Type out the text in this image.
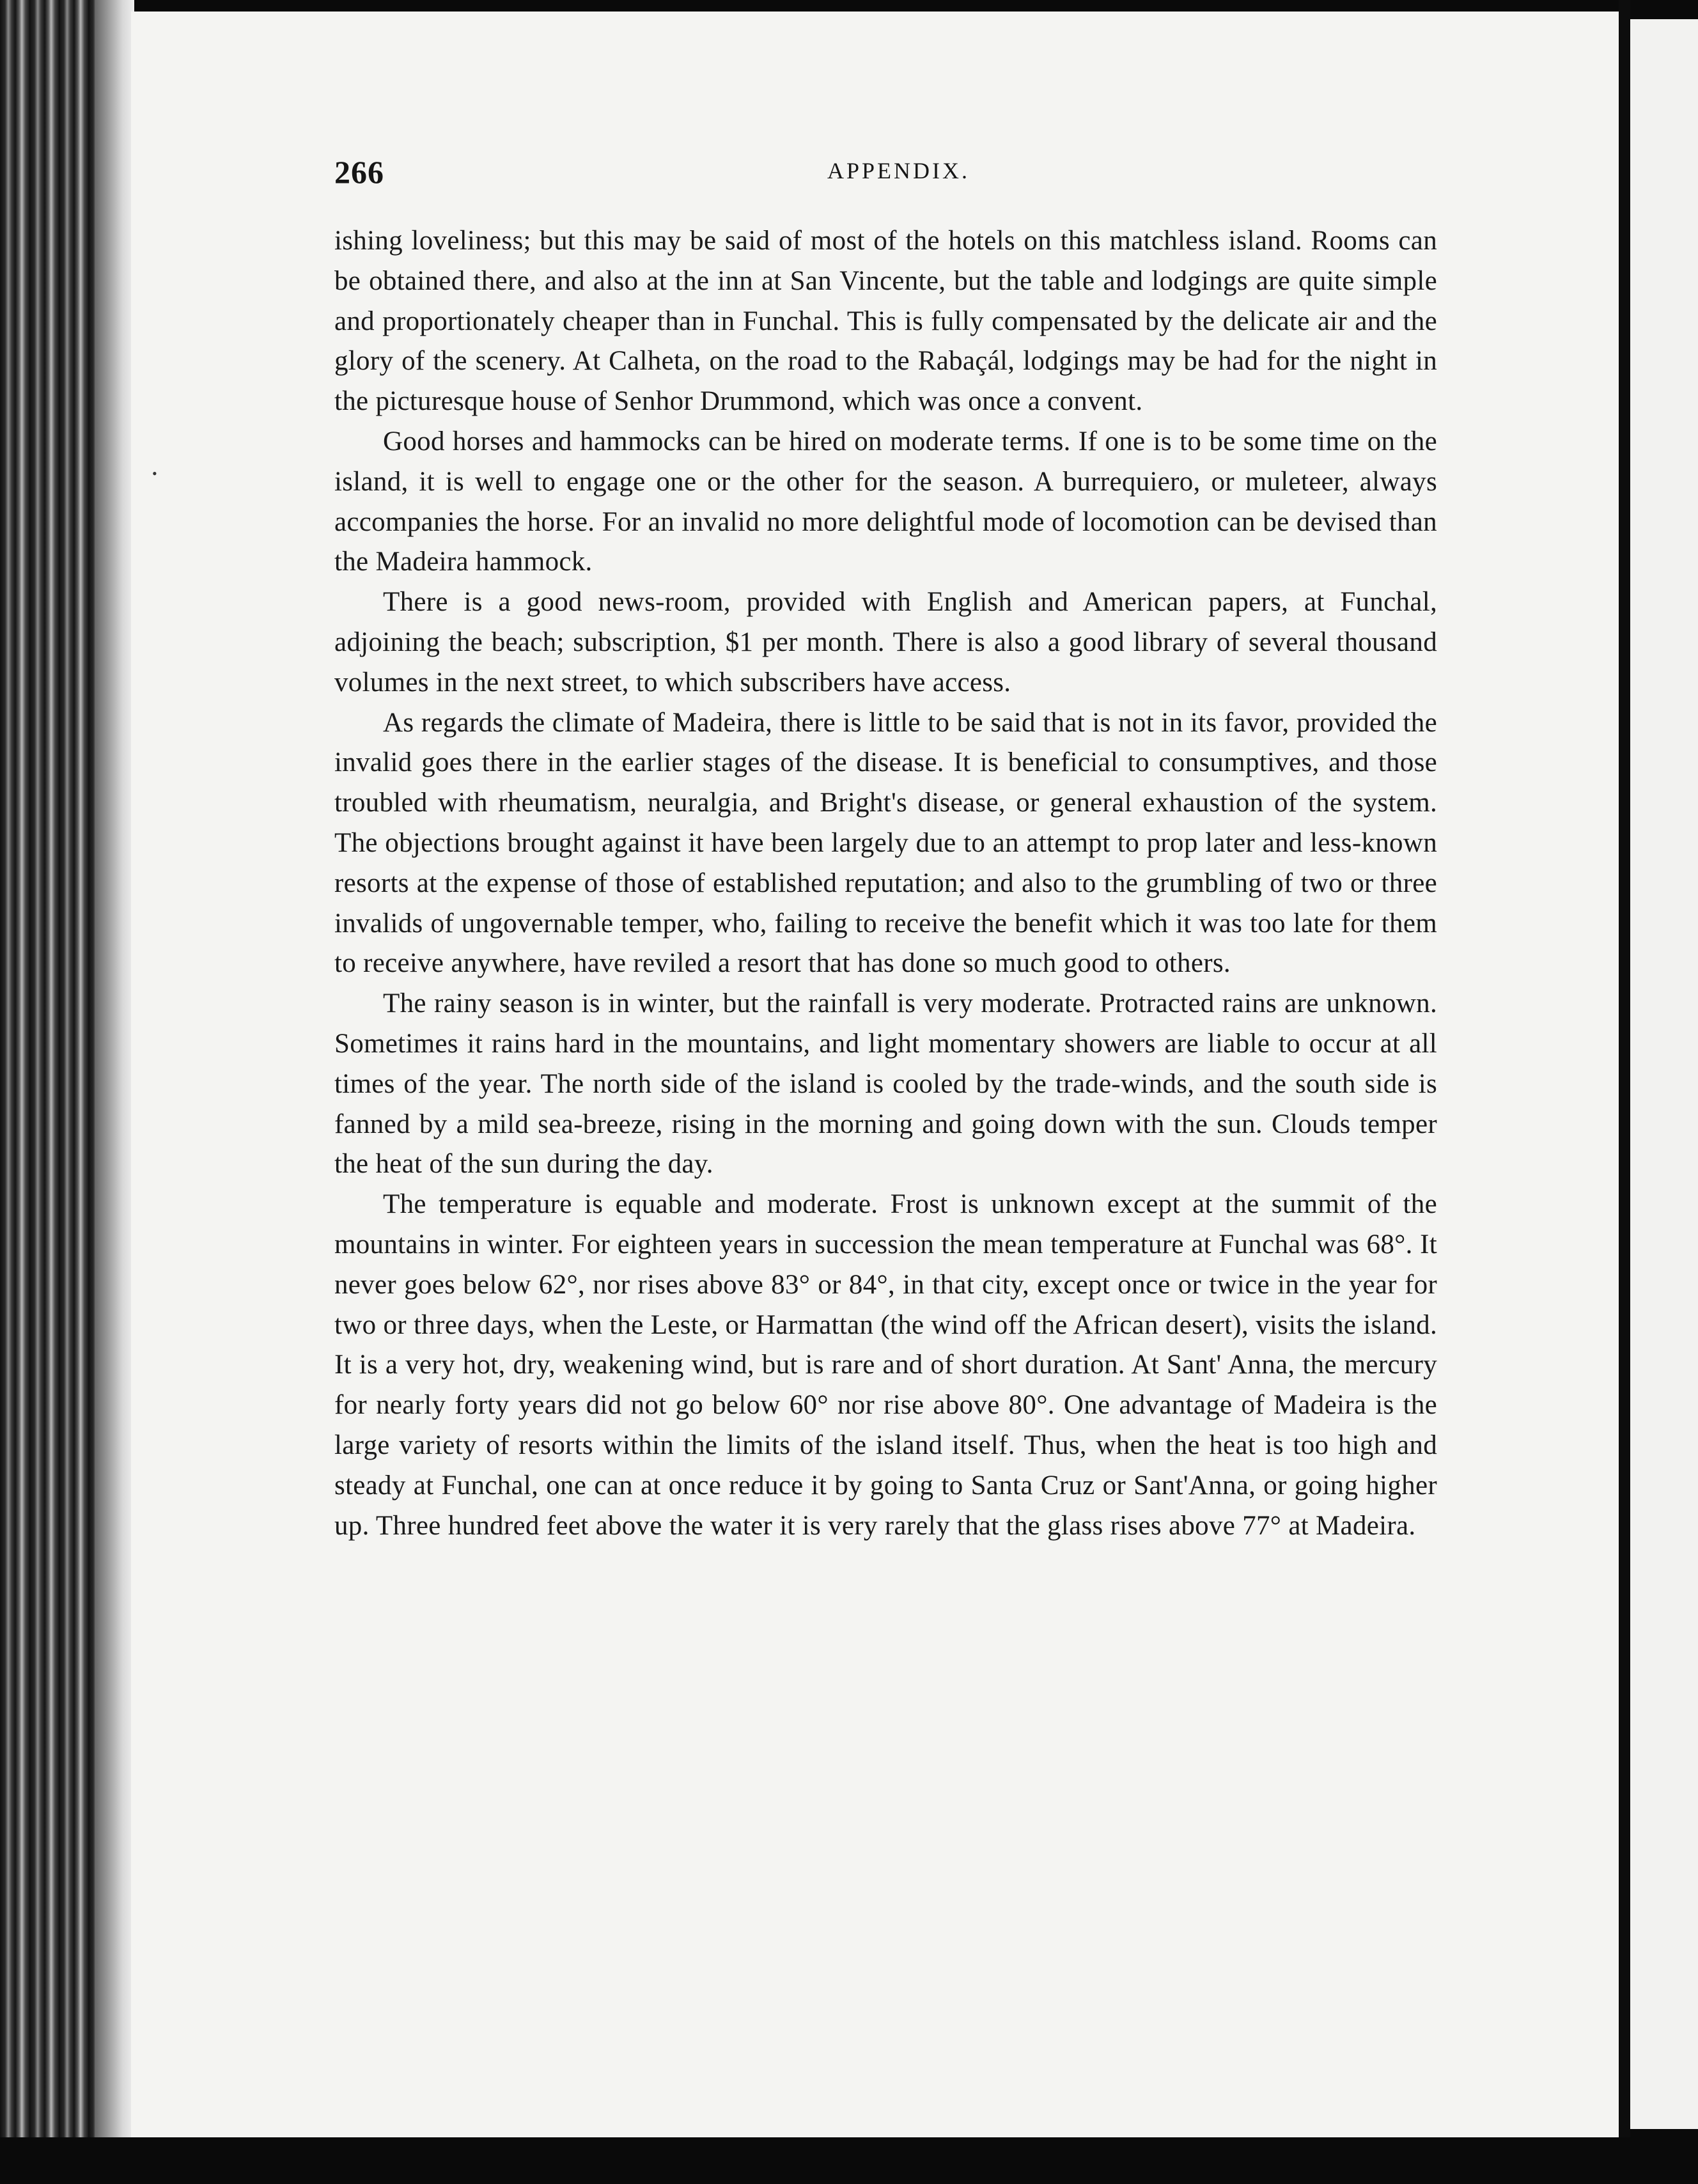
266	APPENDIX.
•

ishing loveliness; but this may be said of most of the hotels on this matchless island. Rooms can be obtained there, and also at the inn at San Vincente, but the table and lodgings are quite simple and proportionately cheaper than in Funchal. This is fully compensated by the delicate air and the glory of the scenery. At Calheta, on the road to the Rabaçál, lodgings may be had for the night in the picturesque house of Senhor Drummond, which was once a convent.

Good horses and hammocks can be hired on moderate terms. If one is to be some time on the island, it is well to engage one or the other for the season. A burrequiero, or muleteer, always accompanies the horse. For an invalid no more delightful mode of locomotion can be devised than the Madeira hammock.

There is a good news-room, provided with English and American papers, at Funchal, adjoining the beach; subscription, $1 per month. There is also a good library of several thousand volumes in the next street, to which subscribers have access.

As regards the climate of Madeira, there is little to be said that is not in its favor, provided the invalid goes there in the earlier stages of the disease. It is beneficial to consumptives, and those troubled with rheumatism, neuralgia, and Bright's disease, or general exhaustion of the system. The objections brought against it have been largely due to an attempt to prop later and less-known resorts at the expense of those of established reputation; and also to the grumbling of two or three invalids of ungovernable temper, who, failing to receive the benefit which it was too late for them to receive anywhere, have reviled a resort that has done so much good to others.

The rainy season is in winter, but the rainfall is very moderate. Protracted rains are unknown. Sometimes it rains hard in the mountains, and light momentary showers are liable to occur at all times of the year. The north side of the island is cooled by the trade-winds, and the south side is fanned by a mild sea-breeze, rising in the morning and going down with the sun. Clouds temper the heat of the sun during the day.

The temperature is equable and moderate. Frost is unknown except at the summit of the mountains in winter. For eighteen years in succession the mean temperature at Funchal was 68°. It never goes below 62°, nor rises above 83° or 84°, in that city, except once or twice in the year for two or three days, when the Leste, or Harmattan (the wind off the African desert), visits the island. It is a very hot, dry, weakening wind, but is rare and of short duration. At Sant' Anna, the mercury for nearly forty years did not go below 60° nor rise above 80°. One advantage of Madeira is the large variety of resorts within the limits of the island itself. Thus, when the heat is too high and steady at Funchal, one can at once reduce it by going to Santa Cruz or Sant'Anna, or going higher up. Three hundred feet above the water it is very rarely that the glass rises above 77° at Madeira.
